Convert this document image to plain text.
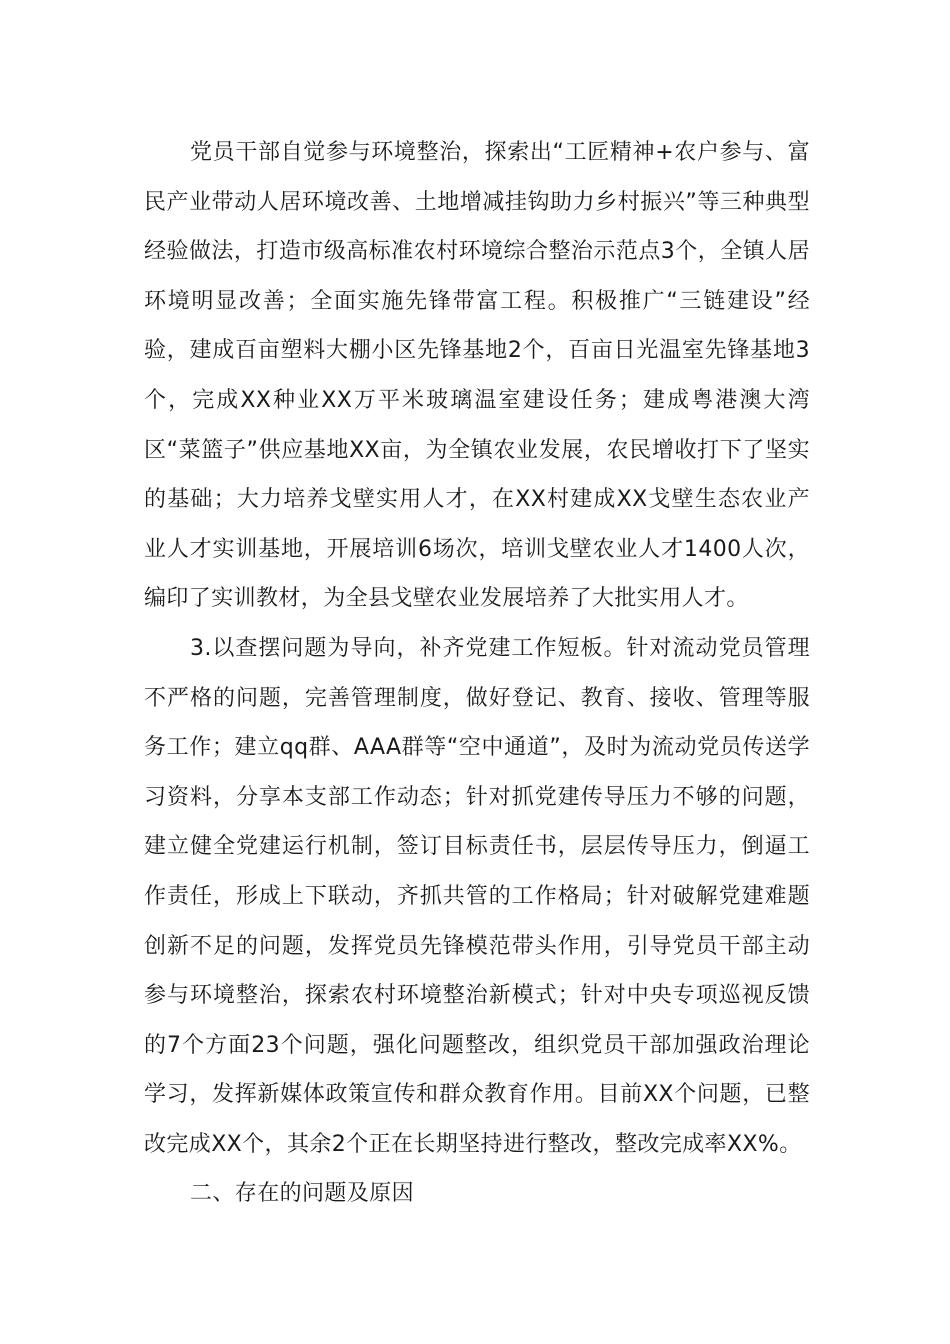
党员干部自觉参与环境整治，探索出“工匠精神+农户参与、富民产业带动人居环境改善、土地增减挂钩助力乡村振兴”等三种典型经验做法，打造市级高标准农村环境综合整治示范点3个，全镇人居环境明显改善；全面实施先锋带富工程。积极推广“三链建设”经验，建成百亩塑料大棚小区先锋基地2个，百亩日光温室先锋基地3个，完成XX种业XX万平米玻璃温室建设任务；建成粤港澳大湾区“菜篮子”供应基地XX亩，为全镇农业发展，农民增收打下了坚实的基础；大力培养戈壁实用人才，在XX村建成XX戈壁生态农业产业人才实训基地，开展培训6场次，培训戈壁农业人才1400人次，编印了实训教材，为全县戈壁农业发展培养了大批实用人才。

3.以查摆问题为导向，补齐党建工作短板。针对流动党员管理不严格的问题，完善管理制度，做好登记、教育、接收、管理等服务工作；建立qq群、AAA群等“空中通道”，及时为流动党员传送学习资料，分享本支部工作动态；针对抓党建传导压力不够的问题，建立健全党建运行机制，签订目标责任书，层层传导压力，倒逼工作责任，形成上下联动，齐抓共管的工作格局；针对破解党建难题创新不足的问题，发挥党员先锋模范带头作用，引导党员干部主动参与环境整治，探索农村环境整治新模式；针对中央专项巡视反馈的7个方面23个问题，强化问题整改，组织党员干部加强政治理论学习，发挥新媒体政策宣传和群众教育作用。目前XX个问题，已整改完成XX个，其余2个正在长期坚持进行整改，整改完成率XX%。

二、存在的问题及原因
